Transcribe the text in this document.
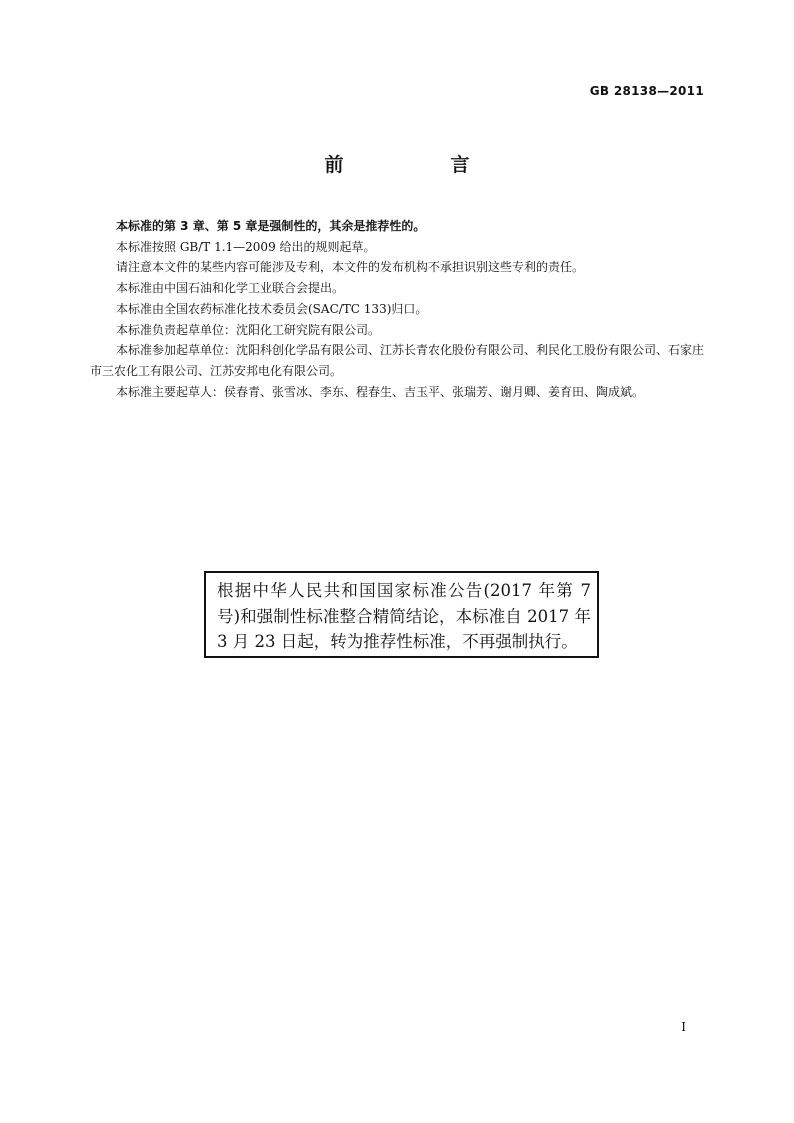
GB 28138—2011
前　言

本标准的第 3 章、第 5 章是强制性的，其余是推荐性的。

本标准按照 GB/T 1.1—2009 给出的规则起草。

请注意本文件的某些内容可能涉及专利，本文件的发布机构不承担识别这些专利的责任。

本标准由中国石油和化学工业联合会提出。

本标准由全国农药标准化技术委员会(SAC/TC 133)归口。

本标准负责起草单位：沈阳化工研究院有限公司。

本标准参加起草单位：沈阳科创化学品有限公司、江苏长青农化股份有限公司、利民化工股份有限公司、石家庄市三农化工有限公司、江苏安邦电化有限公司。

本标准主要起草人：侯春青、张雪冰、李东、程春生、吉玉平、张瑞芳、谢月卿、姜育田、陶成斌。

根据中华人民共和国国家标准公告(2017 年第 7 号)和强制性标准整合精简结论，本标准自 2017 年 3 月 23 日起，转为推荐性标准，不再强制执行。
I
